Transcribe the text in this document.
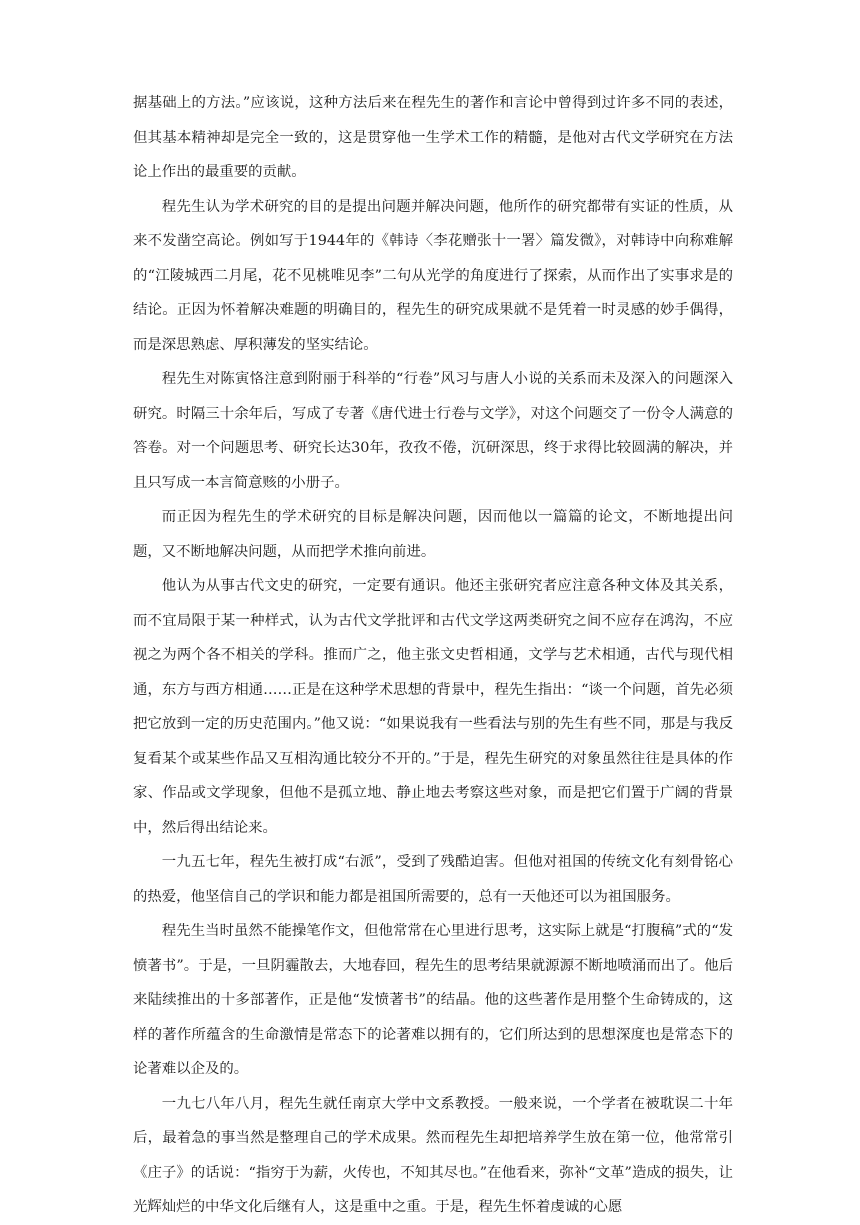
据基础上的方法。”应该说，这种方法后来在程先生的著作和言论中曾得到过许多不同的表述，但其基本精神却是完全一致的，这是贯穿他一生学术工作的精髓，是他对古代文学研究在方法论上作出的最重要的贡献。

程先生认为学术研究的目的是提出问题并解决问题，他所作的研究都带有实证的性质，从来不发凿空高论。例如写于1944年的《韩诗〈李花赠张十一署〉篇发微》，对韩诗中向称难解的“江陵城西二月尾，花不见桃唯见李”二句从光学的角度进行了探索，从而作出了实事求是的结论。正因为怀着解决难题的明确目的，程先生的研究成果就不是凭着一时灵感的妙手偶得，而是深思熟虑、厚积薄发的坚实结论。

程先生对陈寅恪注意到附丽于科举的“行卷”风习与唐人小说的关系而未及深入的问题深入研究。时隔三十余年后，写成了专著《唐代进士行卷与文学》，对这个问题交了一份令人满意的答卷。对一个问题思考、研究长达30年，孜孜不倦，沉研深思，终于求得比较圆满的解决，并且只写成一本言简意赅的小册子。

而正因为程先生的学术研究的目标是解决问题，因而他以一篇篇的论文，不断地提出问题，又不断地解决问题，从而把学术推向前进。

他认为从事古代文史的研究，一定要有通识。他还主张研究者应注意各种文体及其关系，而不宜局限于某一种样式，认为古代文学批评和古代文学这两类研究之间不应存在鸿沟，不应视之为两个各不相关的学科。推而广之，他主张文史哲相通，文学与艺术相通，古代与现代相通，东方与西方相通……正是在这种学术思想的背景中，程先生指出：“谈一个问题，首先必须把它放到一定的历史范围内。”他又说：“如果说我有一些看法与别的先生有些不同，那是与我反复看某个或某些作品又互相沟通比较分不开的。”于是，程先生研究的对象虽然往往是具体的作家、作品或文学现象，但他不是孤立地、静止地去考察这些对象，而是把它们置于广阔的背景中，然后得出结论来。

一九五七年，程先生被打成“右派”，受到了残酷迫害。但他对祖国的传统文化有刻骨铭心的热爱，他坚信自己的学识和能力都是祖国所需要的，总有一天他还可以为祖国服务。

程先生当时虽然不能操笔作文，但他常常在心里进行思考，这实际上就是“打腹稿”式的“发愤著书”。于是，一旦阴霾散去，大地春回，程先生的思考结果就源源不断地喷涌而出了。他后来陆续推出的十多部著作，正是他“发愤著书”的结晶。他的这些著作是用整个生命铸成的，这样的著作所蕴含的生命激情是常态下的论著难以拥有的，它们所达到的思想深度也是常态下的论著难以企及的。

一九七八年八月，程先生就任南京大学中文系教授。一般来说，一个学者在被耽误二十年后，最着急的事当然是整理自己的学术成果。然而程先生却把培养学生放在第一位，他常常引《庄子》的话说：“指穷于为薪，火传也，不知其尽也。”在他看来，弥补“文革”造成的损失，让光辉灿烂的中华文化后继有人，这是重中之重。于是，程先生怀着虔诚的心愿
